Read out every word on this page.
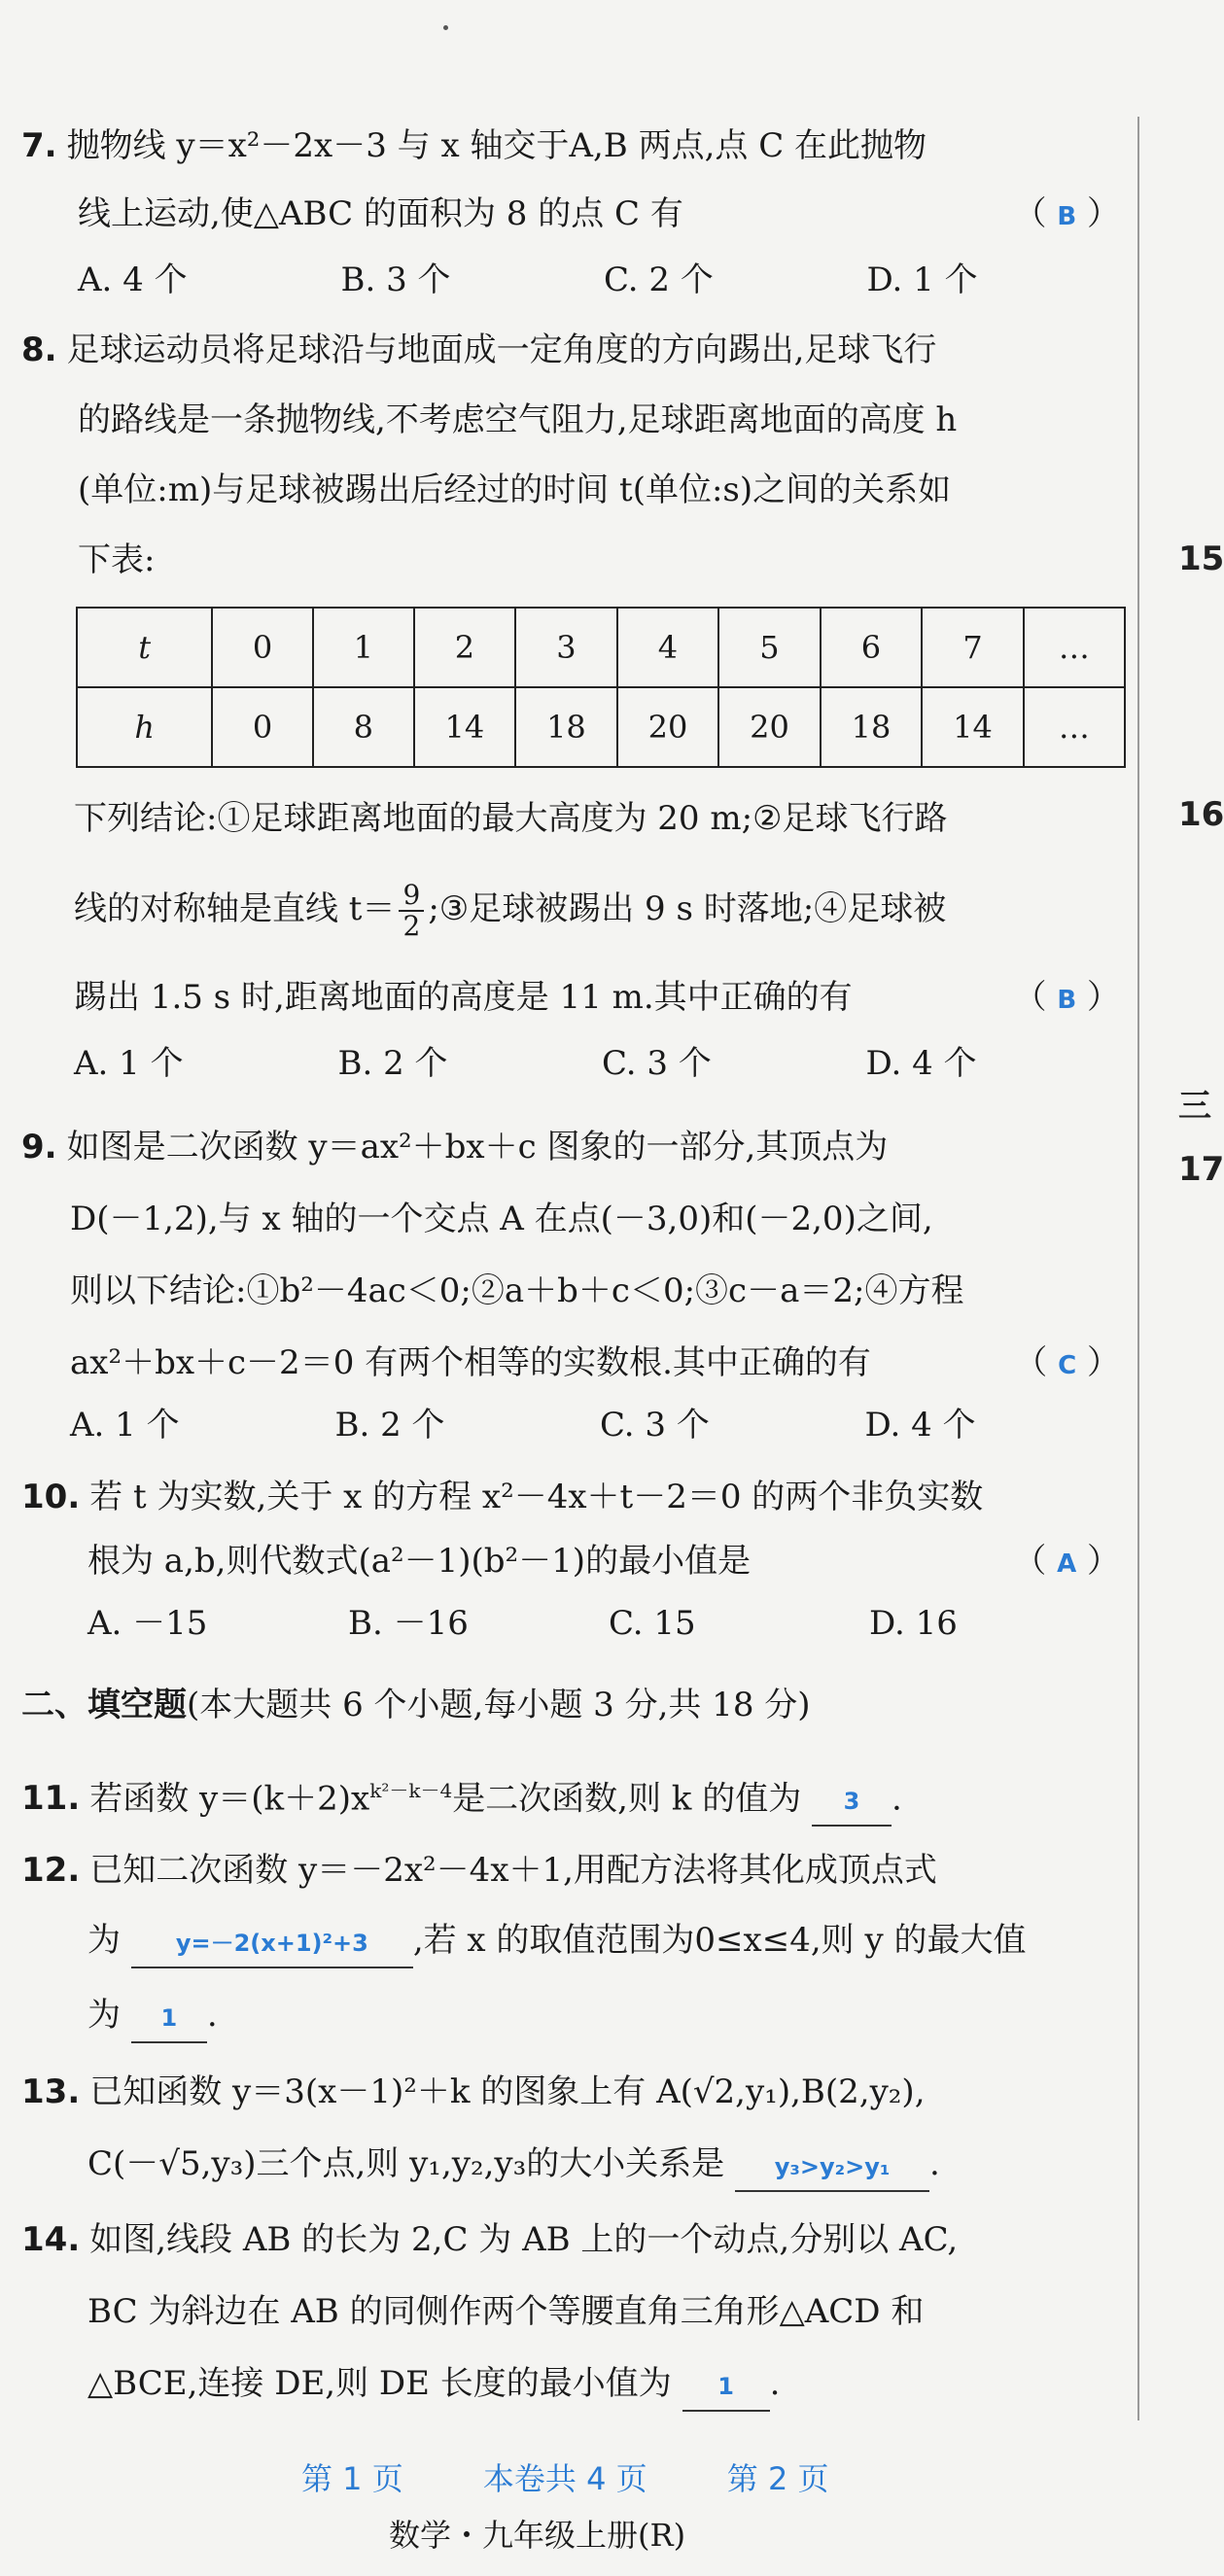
15
16
三
17
7. 抛物线 y＝x²－2x－3 与 x 轴交于A,B 两点,点 C 在此抛物
线上运动,使△ABC 的面积为 8 的点 C 有	（ B ）
A. 4 个	B. 3 个	C. 2 个	D. 1 个
8. 足球运动员将足球沿与地面成一定角度的方向踢出,足球飞行
的路线是一条抛物线,不考虑空气阻力,足球距离地面的高度 h
(单位:m)与足球被踢出后经过的时间 t(单位:s)之间的关系如
下表:
t	0	1	2	3	4	5	6	7	…
h	0	8	14	18	20	20	18	14	…
下列结论:①足球距离地面的最大高度为 20 m;②足球飞行路
线的对称轴是直线 $t= \frac{9}{2}$ ;③足球被踢出 9 s 时落地;④足球被
踢出 1.5 s 时,距离地面的高度是 11 m.其中正确的有	（ B ）
A. 1 个	B. 2 个	C. 3 个	D. 4 个
9. 如图是二次函数 y＝ax²＋bx＋c 图象的一部分,其顶点为
D(－1,2),与 x 轴的一个交点 A 在点(－3,0)和(－2,0)之间,
则以下结论:①b²－4ac＜0;②a＋b＋c＜0;③c－a＝2;④方程
ax²＋bx＋c－2＝0 有两个相等的实数根.其中正确的有	（ C ）
A. 1 个	B. 2 个	C. 3 个	D. 4 个
10. 若 t 为实数,关于 x 的方程 x²－4x＋t－2＝0 的两个非负实数
根为 a,b,则代数式(a²－1)(b²－1)的最小值是	（ A ）
A. －15	B. －16	C. 15	D. 16
二、填空题(本大题共 6 个小题,每小题 3 分,共 18 分)
11. 若函数 $y=(k+2)x^{k^2-k-4}$是二次函数,则 k 的值为 3 .
12. 已知二次函数 y＝－2x²－4x＋1,用配方法将其化成顶点式
为 y=－2(x+1)²+3 ,若 x 的取值范围为0≤x≤4,则 y 的最大值
为 1 .
13. 已知函数 y＝3(x－1)²＋k 的图象上有 A(√2,y₁),B(2,y₂),
C(－√5,y₃)三个点,则 y₁,y₂,y₃的大小关系是 y₃>y₂>y₁ .
14. 如图,线段 AB 的长为 2,C 为 AB 上的一个动点,分别以 AC,
BC 为斜边在 AB 的同侧作两个等腰直角三角形△ACD 和
△BCE,连接 DE,则 DE 长度的最小值为 1 .
第 1 页	本卷共 4 页	第 2 页
数学・九年级上册(R)
